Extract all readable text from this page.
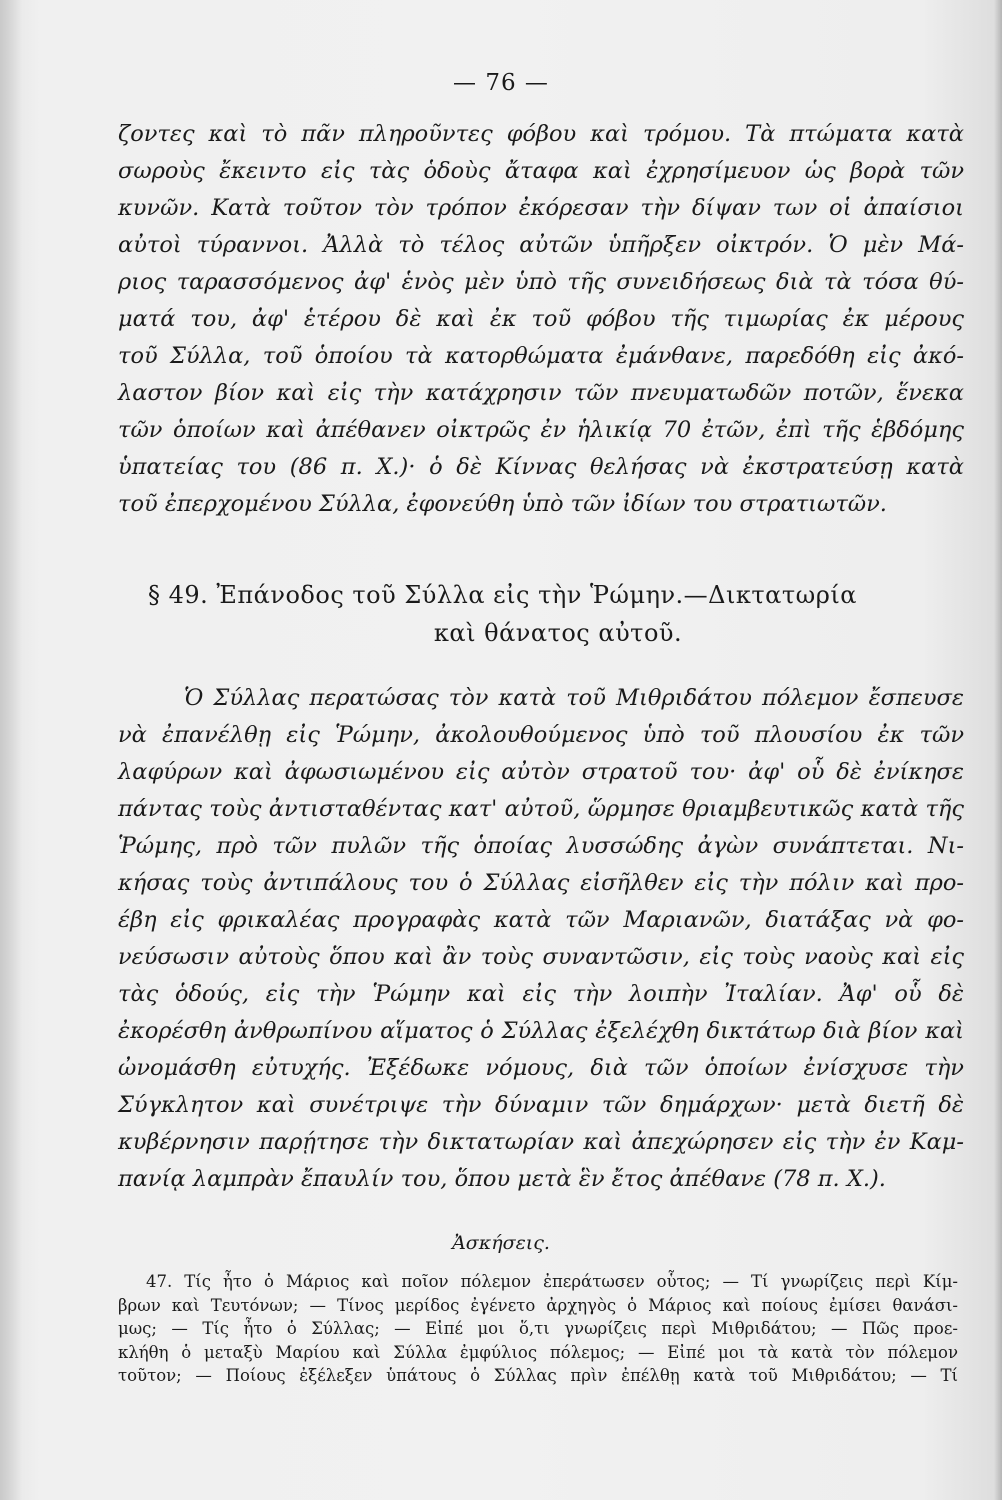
— 76 —
ζοντες καὶ τὸ πᾶν πληροῦντες φόβου καὶ τρόμου. Τὰ πτώματα κατὰ
σωροὺς ἔκειντο εἰς τὰς ὁδοὺς ἄταφα καὶ ἐχρησίμευον ὡς βορὰ τῶν
κυνῶν. Κατὰ τοῦτον τὸν τρόπον ἐκόρεσαν τὴν δίψαν των οἱ ἀπαίσιοι
αὐτοὶ τύραννοι. Ἀλλὰ τὸ τέλος αὐτῶν ὑπῆρξεν οἰκτρόν. Ὁ μὲν Μά-
ριος ταρασσόμενος ἀφ' ἑνὸς μὲν ὑπὸ τῆς συνειδήσεως διὰ τὰ τόσα θύ-
ματά του, ἀφ' ἑτέρου δὲ καὶ ἐκ τοῦ φόβου τῆς τιμωρίας ἐκ μέρους
τοῦ Σύλλα, τοῦ ὁποίου τὰ κατορθώματα ἐμάνθανε, παρεδόθη εἰς ἀκό-
λαστον βίον καὶ εἰς τὴν κατάχρησιν τῶν πνευματωδῶν ποτῶν, ἕνεκα
τῶν ὁποίων καὶ ἀπέθανεν οἰκτρῶς ἐν ἡλικίᾳ 70 ἐτῶν, ἐπὶ τῆς ἑβδόμης
ὑπατείας του (86 π. Χ.)· ὁ δὲ Κίννας θελήσας νὰ ἐκστρατεύσῃ κατὰ
τοῦ ἐπερχομένου Σύλλα, ἐφονεύθη ὑπὸ τῶν ἰδίων του στρατιωτῶν.
§ 49. Ἐπάνοδος τοῦ Σύλλα εἰς τὴν Ῥώμην.—Δικτατωρία
καὶ θάνατος αὐτοῦ.
Ὁ Σύλλας περατώσας τὸν κατὰ τοῦ Μιθριδάτου πόλεμον ἔσπευσε
νὰ ἐπανέλθῃ εἰς Ῥώμην, ἀκολουθούμενος ὑπὸ τοῦ πλουσίου ἐκ τῶν
λαφύρων καὶ ἀφωσιωμένου εἰς αὐτὸν στρατοῦ του· ἀφ' οὗ δὲ ἐνίκησε
πάντας τοὺς ἀντισταθέντας κατ' αὐτοῦ, ὥρμησε θριαμβευτικῶς κατὰ τῆς
Ῥώμης, πρὸ τῶν πυλῶν τῆς ὁποίας λυσσώδης ἀγὼν συνάπτεται. Νι-
κήσας τοὺς ἀντιπάλους του ὁ Σύλλας εἰσῆλθεν εἰς τὴν πόλιν καὶ προ-
έβη εἰς φρικαλέας προγραφὰς κατὰ τῶν Μαριανῶν, διατάξας νὰ φο-
νεύσωσιν αὐτοὺς ὅπου καὶ ἂν τοὺς συναντῶσιν, εἰς τοὺς ναοὺς καὶ εἰς
τὰς ὁδούς, εἰς τὴν Ῥώμην καὶ εἰς τὴν λοιπὴν Ἰταλίαν. Ἀφ' οὗ δὲ
ἐκορέσθη ἀνθρωπίνου αἵματος ὁ Σύλλας ἐξελέχθη δικτάτωρ διὰ βίον καὶ
ὠνομάσθη εὐτυχής. Ἐξέδωκε νόμους, διὰ τῶν ὁποίων ἐνίσχυσε τὴν
Σύγκλητον καὶ συνέτριψε τὴν δύναμιν τῶν δημάρχων· μετὰ διετῆ δὲ
κυβέρνησιν παρῄτησε τὴν δικτατωρίαν καὶ ἀπεχώρησεν εἰς τὴν ἐν Καμ-
πανίᾳ λαμπρὰν ἔπαυλίν του, ὅπου μετὰ ἓν ἔτος ἀπέθανε (78 π. Χ.).
Ἀσκήσεις.
47. Τίς ἦτο ὁ Μάριος καὶ ποῖον πόλεμον ἐπεράτωσεν οὗτος; — Τί γνωρίζεις περὶ Κίμ-
βρων καὶ Τευτόνων; — Τίνος μερίδος ἐγένετο ἀρχηγὸς ὁ Μάριος καὶ ποίους ἐμίσει θανάσι-
μως; — Τίς ἦτο ὁ Σύλλας; — Εἰπέ μοι ὅ,τι γνωρίζεις περὶ Μιθριδάτου; — Πῶς προε-
κλήθη ὁ μεταξὺ Μαρίου καὶ Σύλλα ἐμφύλιος πόλεμος; — Εἰπέ μοι τὰ κατὰ τὸν πόλεμον
τοῦτον; — Ποίους ἐξέλεξεν ὑπάτους ὁ Σύλλας πρὶν ἐπέλθῃ κατὰ τοῦ Μιθριδάτου; — Τί
